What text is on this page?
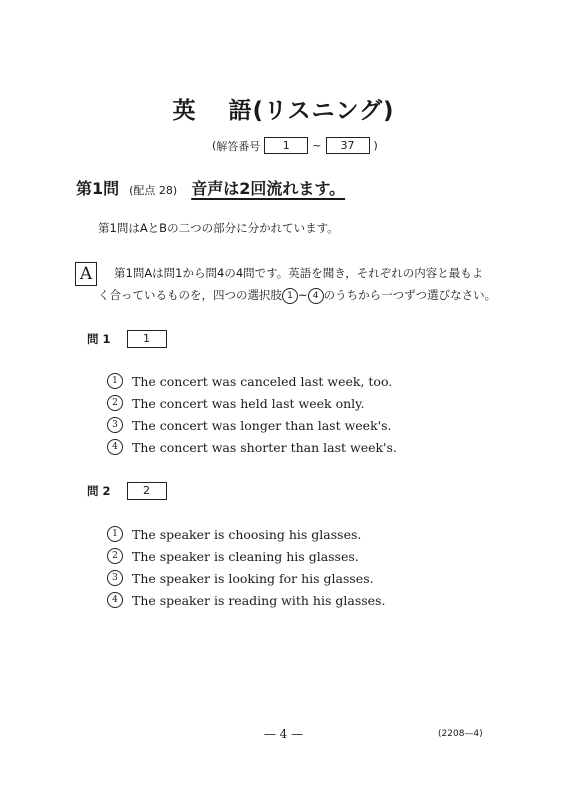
英 語(リスニング)
( 解答番号	1	~	37	)
第1問 (配点 28) 音声は2回流れます。
第1問はAとBの二つの部分に分かれています。
A	第1問Aは問1から問4の4問です。英語を聞き，それぞれの内容と最もよ
く合っているものを，四つの選択肢 1 ~ 4 のうちから一つずつ選びなさい。
問 1	1
1	The concert was canceled last week, too.
2	The concert was held last week only.
3	The concert was longer than last week's.
4	The concert was shorter than last week's.
問 2	2
1	The speaker is choosing his glasses.
2	The speaker is cleaning his glasses.
3	The speaker is looking for his glasses.
4	The speaker is reading with his glasses.
— 4 —	(2208—4)
